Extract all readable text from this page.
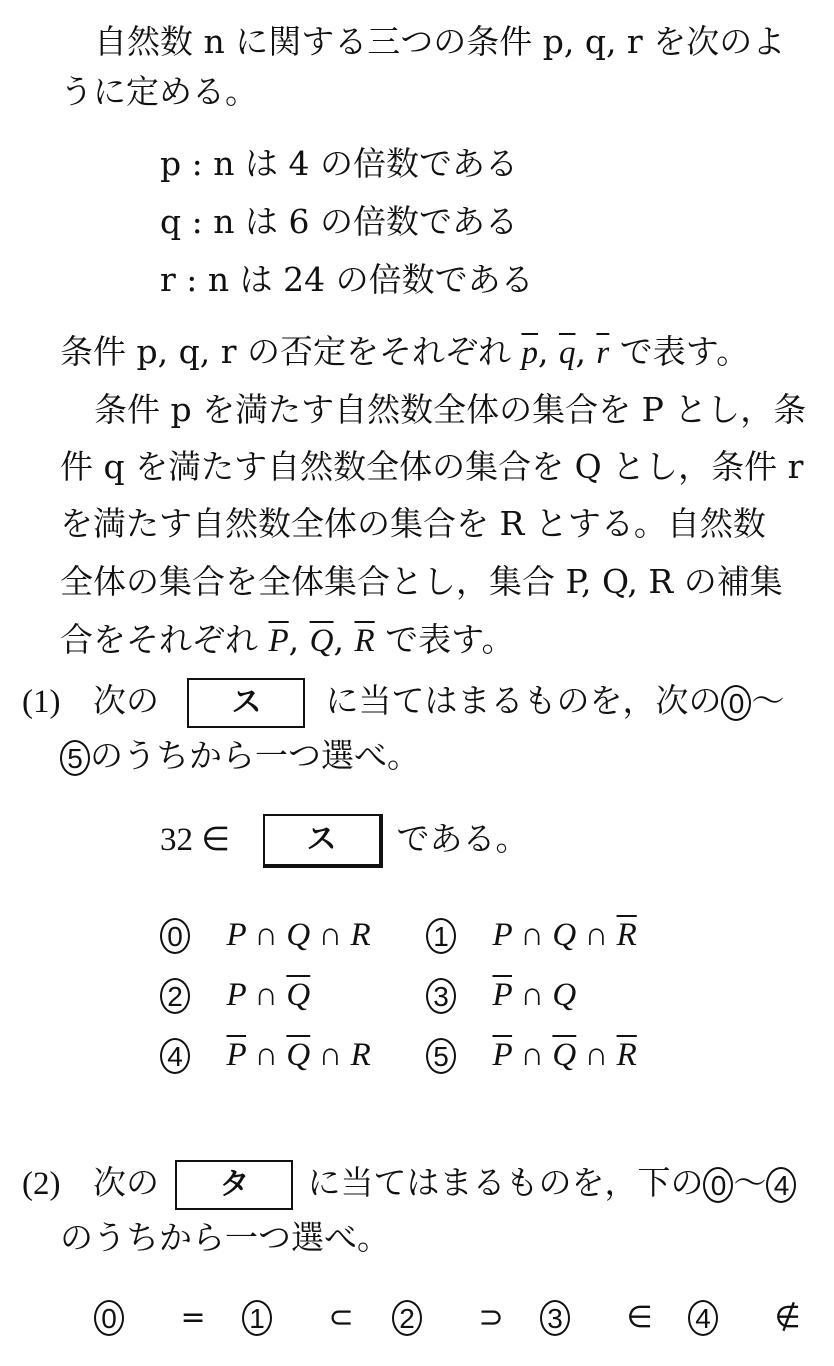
自然数 n に関する三つの条件 p, q, r を次のよ
うに定める。
p : n は 4 の倍数である
q : n は 6 の倍数である
r : n は 24 の倍数である
条件 p, q, r の否定をそれぞれ $\overline{p}$, $\overline{q}$, $\overline{r}$ で表す。
条件 p を満たす自然数全体の集合を P とし，条
件 q を満たす自然数全体の集合を Q とし，条件 r
を満たす自然数全体の集合を R とする。自然数
全体の集合を全体集合とし，集合 P, Q, R の補集
合をそれぞれ $\overline{P}$, $\overline{Q}$, $\overline{R}$ で表す。
(1) 次の ス に当てはまるものを，次の 0 〜
5 のうちから一つ選べ。
32 ∈	ス である。
0 P ∩ Q ∩ R 1 P ∩ Q ∩ $\overline{R}$
2 P ∩ $\overline{Q}$	3 $\overline{P}$ ∩ Q
4 $\overline{P}$ ∩ $\overline{Q}$ ∩ R 5 $\overline{P}$ ∩ $\overline{Q}$ ∩ $\overline{R}$
(2) 次の タ に当てはまるものを，下の 0 〜 4
のうちから一つ選べ。
0 = 1 ⊂ 2 ⊃ 3 ∈ 4 ∉
